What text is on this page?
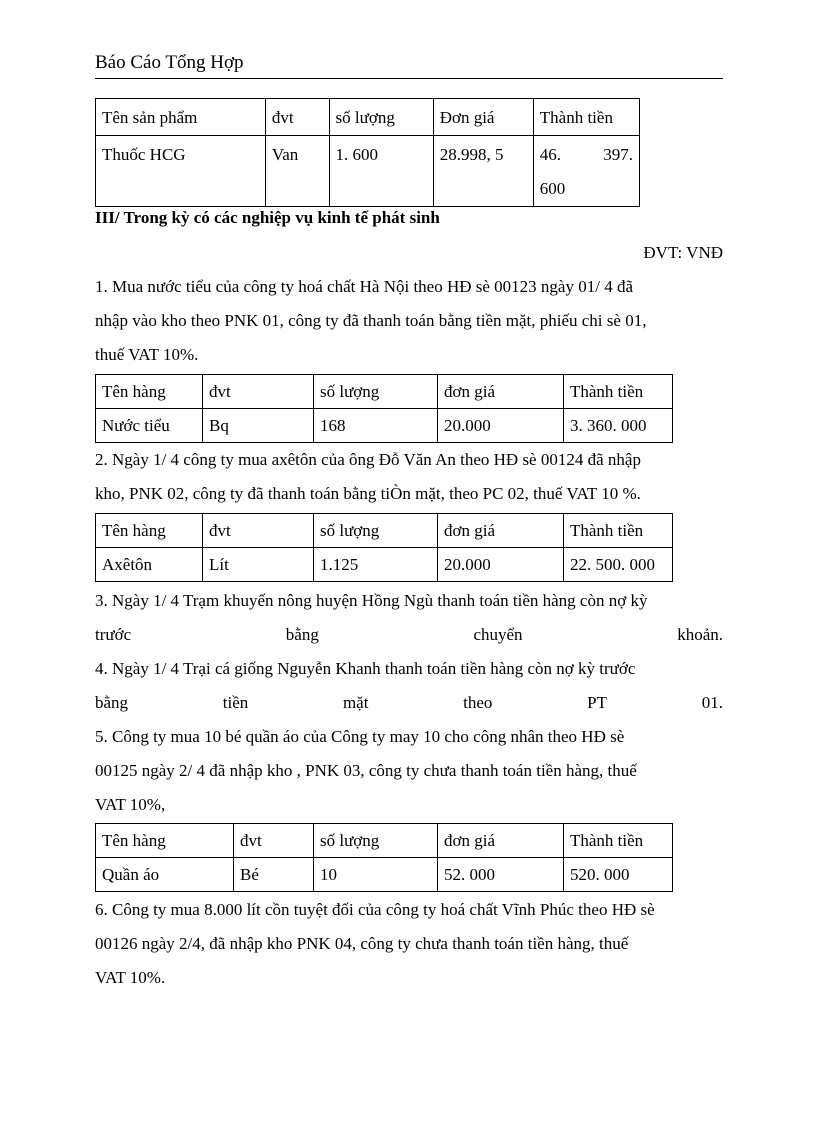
Báo Cáo Tổng Hợp
Tên sản phẩm	đvt	số lượng	Đơn giá	Thành tiền
Thuốc HCG	Van	1. 600	28.998, 5	46. 397.
600
III/ Trong kỳ có các nghiệp vụ kinh tế phát sinh
ĐVT: VNĐ
1. Mua nước tiểu của công ty hoá chất Hà Nội theo HĐ sè 00123 ngày 01/ 4 đã
nhập vào kho theo PNK 01, công ty đã thanh toán bằng tiền mặt, phiếu chi sè 01,
thuế VAT 10%.
Tên hàng	đvt	số lượng	đơn giá	Thành tiền
Nước tiểu	Bq	168	20.000	3. 360. 000
2. Ngày 1/ 4 công ty mua axêtôn của ông Đỗ Văn An theo HĐ sè 00124 đã nhập
kho, PNK 02, công ty đã thanh toán bằng tiÒn mặt, theo PC 02, thuế VAT 10 %.
Tên hàng	đvt	số lượng	đơn giá	Thành tiền
Axêtôn	Lít	1.125	20.000	22. 500. 000
3. Ngày 1/ 4 Trạm khuyến nông huyện Hồng Ngù thanh toán tiền hàng còn nợ kỳ
trước	bằng	chuyển	khoản.
4. Ngày 1/ 4 Trại cá giống Nguyễn Khanh thanh toán tiền hàng còn nợ kỳ trước
bằng	tiền	mặt	theo	PT	01.
5. Công ty mua 10 bé quần áo của Công ty may 10 cho công nhân theo HĐ sè
00125 ngày 2/ 4 đã nhập kho , PNK 03, công ty chưa thanh toán tiền hàng, thuế
VAT 10%,
Tên hàng	đvt	số lượng	đơn giá	Thành tiền
Quần áo	Bé	10	52. 000	520. 000
6. Công ty mua 8.000 lít cồn tuyệt đối của công ty hoá chất Vĩnh Phúc theo HĐ sè
00126 ngày 2/4, đã nhập kho PNK 04, công ty chưa thanh toán tiền hàng, thuế
VAT 10%.
